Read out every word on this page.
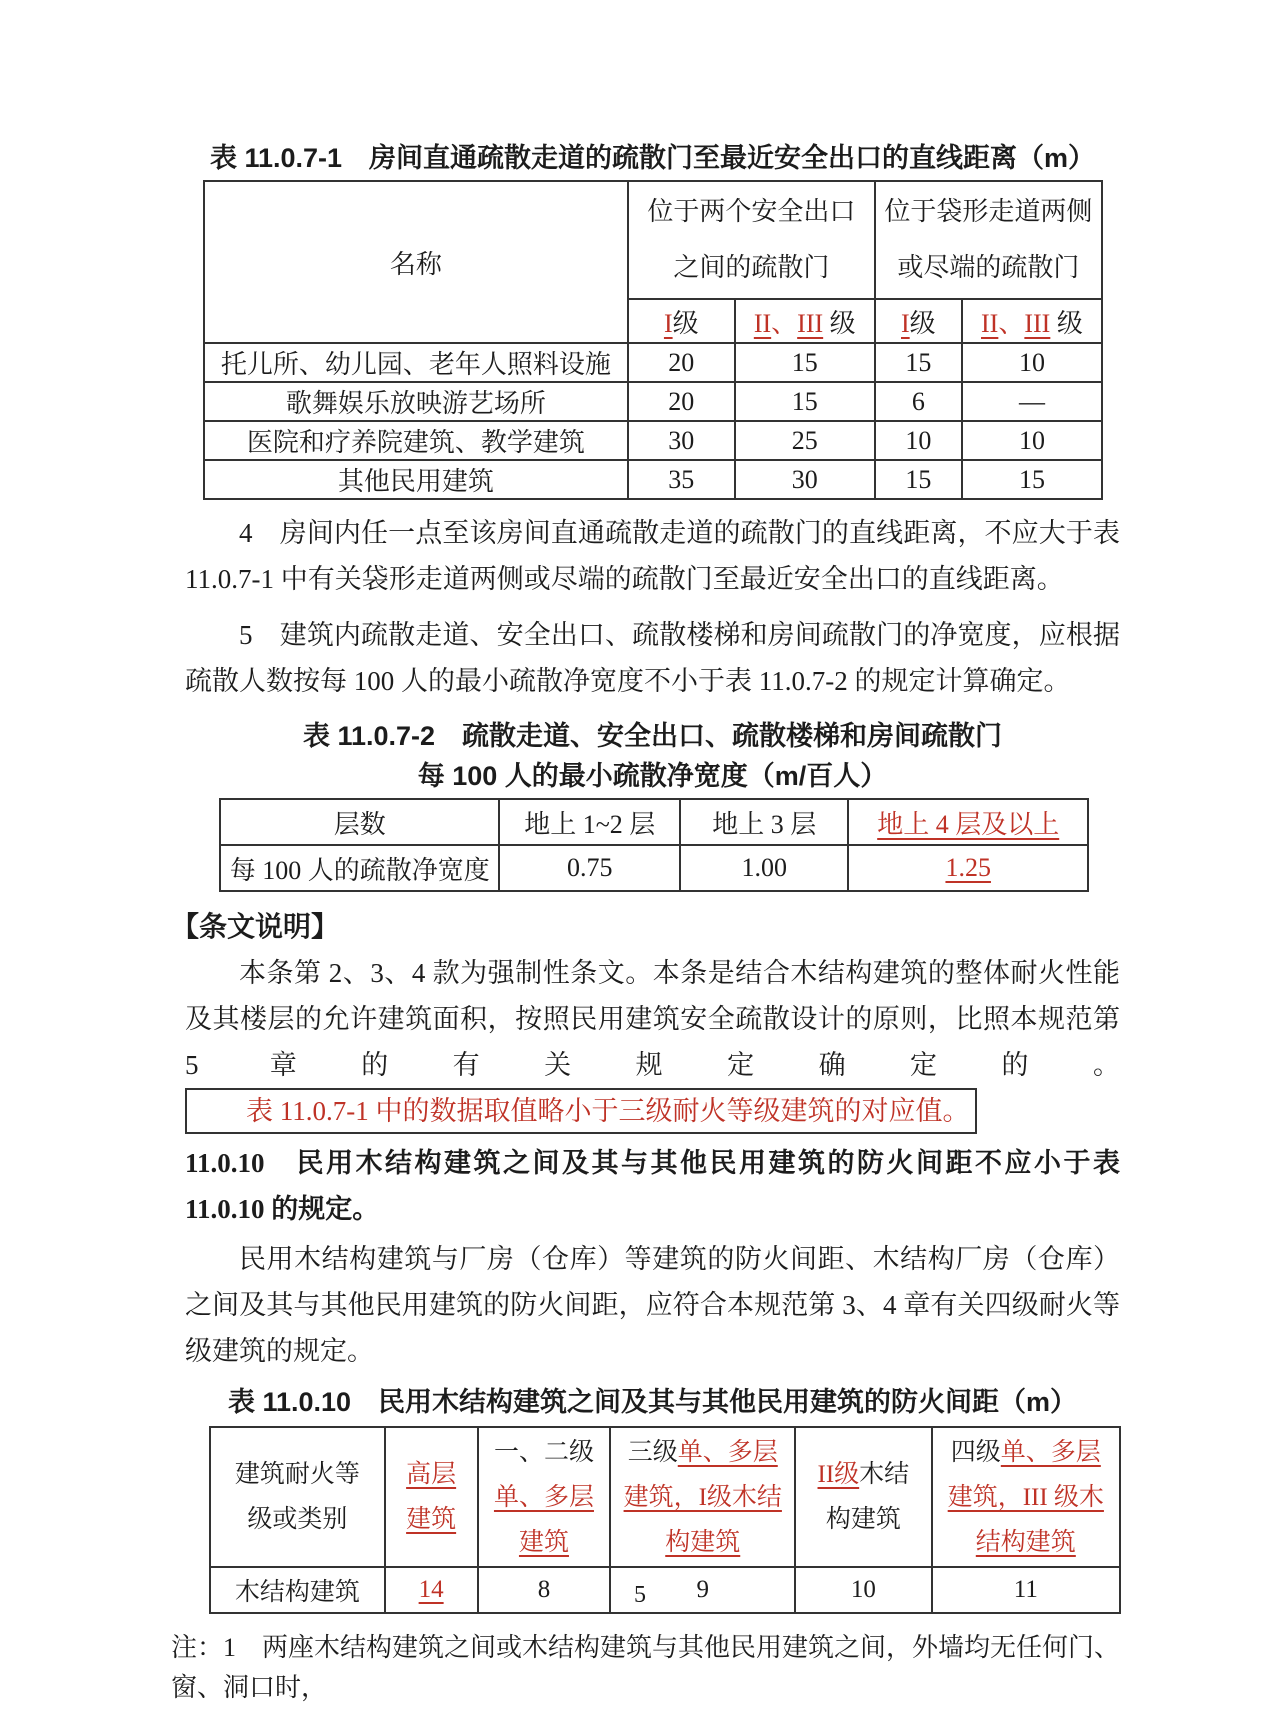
表 11.0.7-1　房间直通疏散走道的疏散门至最近安全出口的直线距离（m）

名称	
位于两个安全出口
之间的疏散门

位于袋形走道两侧
或尽端的疏散门

	I级	II、III 级	I级	II、III 级
托儿所、幼儿园、老年人照料设施	20	15	15	10
歌舞娱乐放映游艺场所	20	15	6	—
医院和疗养院建筑、教学建筑	30	25	10	10
其他民用建筑	35	30	15	15

4　房间内任一点至该房间直通疏散走道的疏散门的直线距离，不应大于表 11.0.7-1 中有关袋形走道两侧或尽端的疏散门至最近安全出口的直线距离。

5　建筑内疏散走道、安全出口、疏散楼梯和房间疏散门的净宽度，应根据疏散人数按每 100 人的最小疏散净宽度不小于表 11.0.7-2 的规定计算确定。

表 11.0.7-2　疏散走道、安全出口、疏散楼梯和房间疏散门

每 100 人的最小疏散净宽度（m/百人）

层数	地上 1~2 层	地上 3 层	地上 4 层及以上
每 100 人的疏散净宽度	0.75	1.00	1.25

【条文说明】

本条第 2、3、4 款为强制性条文。本条是结合木结构建筑的整体耐火性能及其楼层的允许建筑面积，按照民用建筑安全疏散设计的原则，比照本规范第 5 章的有关规定确定的。表 11.0.7-1 中的数据取值略小于三级耐火等级建筑的对应值。

11.0.10　民用木结构建筑之间及其与其他民用建筑的防火间距不应小于表 11.0.10 的规定。

民用木结构建筑与厂房（仓库）等建筑的防火间距、木结构厂房（仓库）之间及其与其他民用建筑的防火间距，应符合本规范第 3、4 章有关四级耐火等级建筑的规定。

表 11.0.10　民用木结构建筑之间及其与其他民用建筑的防火间距（m）

建筑耐火等
级或类别

高层
建筑

一、二级
单、多层
建筑

三级单、多层
建筑，I级木结
构建筑

II级木结
构建筑

四级单、多层
建筑，III 级木
结构建筑

木结构建筑	14	8	9	10	11

注：1　两座木结构建筑之间或木结构建筑与其他民用建筑之间，外墙均无任何门、窗、洞口时，

5
